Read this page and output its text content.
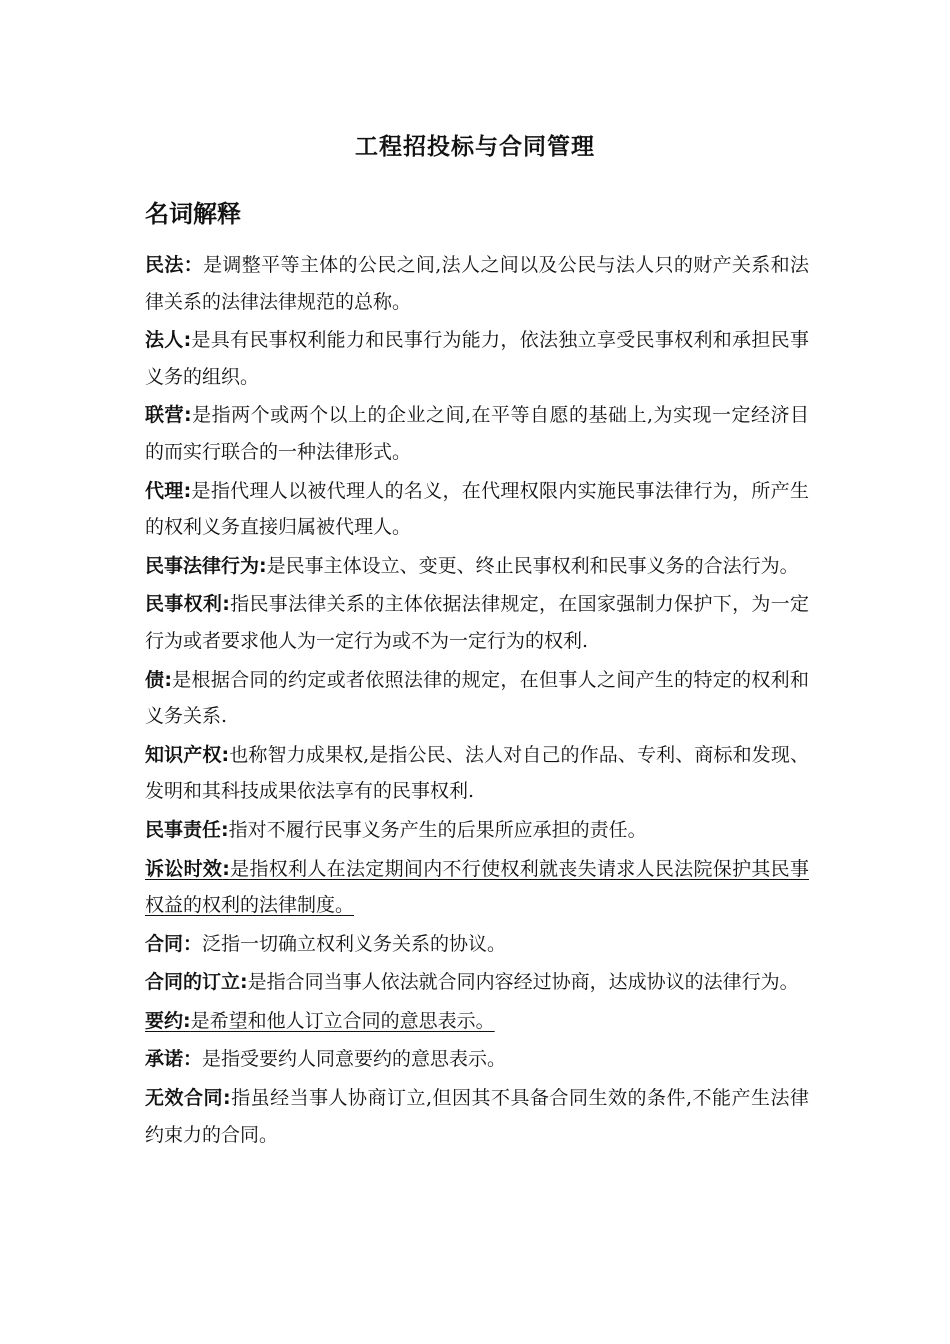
工程招投标与合同管理
名词解释

民法：是调整平等主体的公民之间,法人之间以及公民与法人只的财产关系和法律关系的法律法律规范的总称。

法人:是具有民事权利能力和民事行为能力，依法独立享受民事权利和承担民事义务的组织。

联营:是指两个或两个以上的企业之间,在平等自愿的基础上,为实现一定经济目的而实行联合的一种法律形式。

代理:是指代理人以被代理人的名义，在代理权限内实施民事法律行为，所产生的权利义务直接归属被代理人。

民事法律行为:是民事主体设立、变更、终止民事权利和民事义务的合法行为。

民事权利:指民事法律关系的主体依据法律规定，在国家强制力保护下，为一定行为或者要求他人为一定行为或不为一定行为的权利.

债:是根据合同的约定或者依照法律的规定，在但事人之间产生的特定的权利和义务关系.

知识产权:也称智力成果权,是指公民、法人对自己的作品、专利、商标和发现、发明和其科技成果依法享有的民事权利.

民事责任:指对不履行民事义务产生的后果所应承担的责任。

诉讼时效:是指权利人在法定期间内不行使权利就丧失请求人民法院保护其民事权益的权利的法律制度。

合同：泛指一切确立权利义务关系的协议。

合同的订立:是指合同当事人依法就合同内容经过协商，达成协议的法律行为。

要约:是希望和他人订立合同的意思表示。

承诺：是指受要约人同意要约的意思表示。

无效合同:指虽经当事人协商订立,但因其不具备合同生效的条件,不能产生法律约束力的合同。
